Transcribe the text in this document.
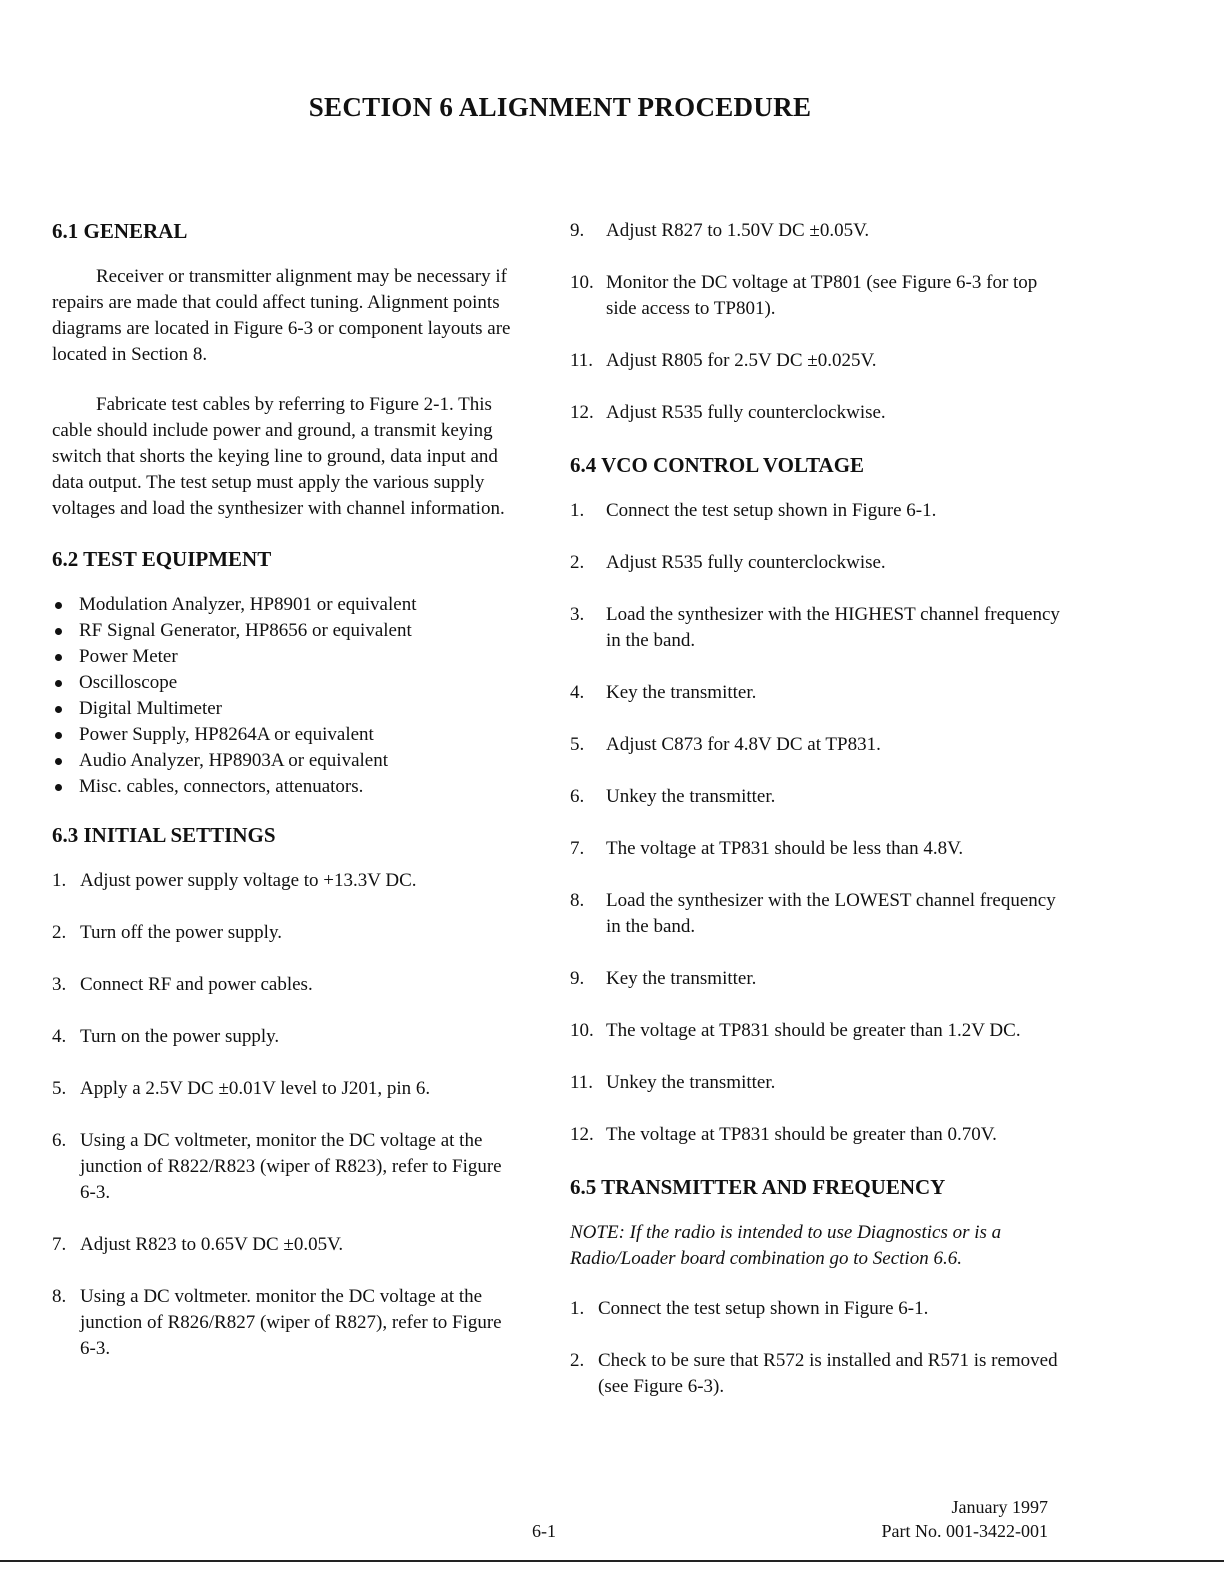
SECTION 6 ALIGNMENT PROCEDURE
6.1 GENERAL

Receiver or transmitter alignment may be necessary if repairs are made that could affect tuning. Alignment points diagrams are located in Figure 6-3 or component layouts are located in Section 8.

Fabricate test cables by referring to Figure 2-1. This cable should include power and ground, a transmit keying switch that shorts the keying line to ground, data input and data output. The test setup must apply the various supply voltages and load the synthesizer with channel information.

6.2 TEST EQUIPMENT
Modulation Analyzer, HP8901 or equivalent
RF Signal Generator, HP8656 or equivalent
Power Meter
Oscilloscope
Digital Multimeter
Power Supply, HP8264A or equivalent
Audio Analyzer, HP8903A or equivalent
Misc. cables, connectors, attenuators.
6.3 INITIAL SETTINGS
1. Adjust power supply voltage to +13.3V DC.
2. Turn off the power supply.
3. Connect RF and power cables.
4. Turn on the power supply.
5. Apply a 2.5V DC ±0.01V level to J201, pin 6.
6. Using a DC voltmeter, monitor the DC voltage at the junction of R822/R823 (wiper of R823), refer to Figure 6-3.
7. Adjust R823 to 0.65V DC ±0.05V.
8. Using a DC voltmeter. monitor the DC voltage at the junction of R826/R827 (wiper of R827), refer to Figure 6-3.
9. Adjust R827 to 1.50V DC ±0.05V.
10. Monitor the DC voltage at TP801 (see Figure 6-3 for top side access to TP801).
11. Adjust R805 for 2.5V DC ±0.025V.
12. Adjust R535 fully counterclockwise.
6.4 VCO CONTROL VOLTAGE
1. Connect the test setup shown in Figure 6-1.
2. Adjust R535 fully counterclockwise.
3. Load the synthesizer with the HIGHEST channel frequency in the band.
4. Key the transmitter.
5. Adjust C873 for 4.8V DC at TP831.
6. Unkey the transmitter.
7. The voltage at TP831 should be less than 4.8V.
8. Load the synthesizer with the LOWEST channel frequency in the band.
9. Key the transmitter.
10. The voltage at TP831 should be greater than 1.2V DC.
11. Unkey the transmitter.
12. The voltage at TP831 should be greater than 0.70V.
6.5 TRANSMITTER AND FREQUENCY

NOTE: If the radio is intended to use Diagnostics or is a Radio/Loader board combination go to Section 6.6.

1. Connect the test setup shown in Figure 6-1.
2. Check to be sure that R572 is installed and R571 is removed (see Figure 6-3).
January 1997
6-1	Part No. 001-3422-001
